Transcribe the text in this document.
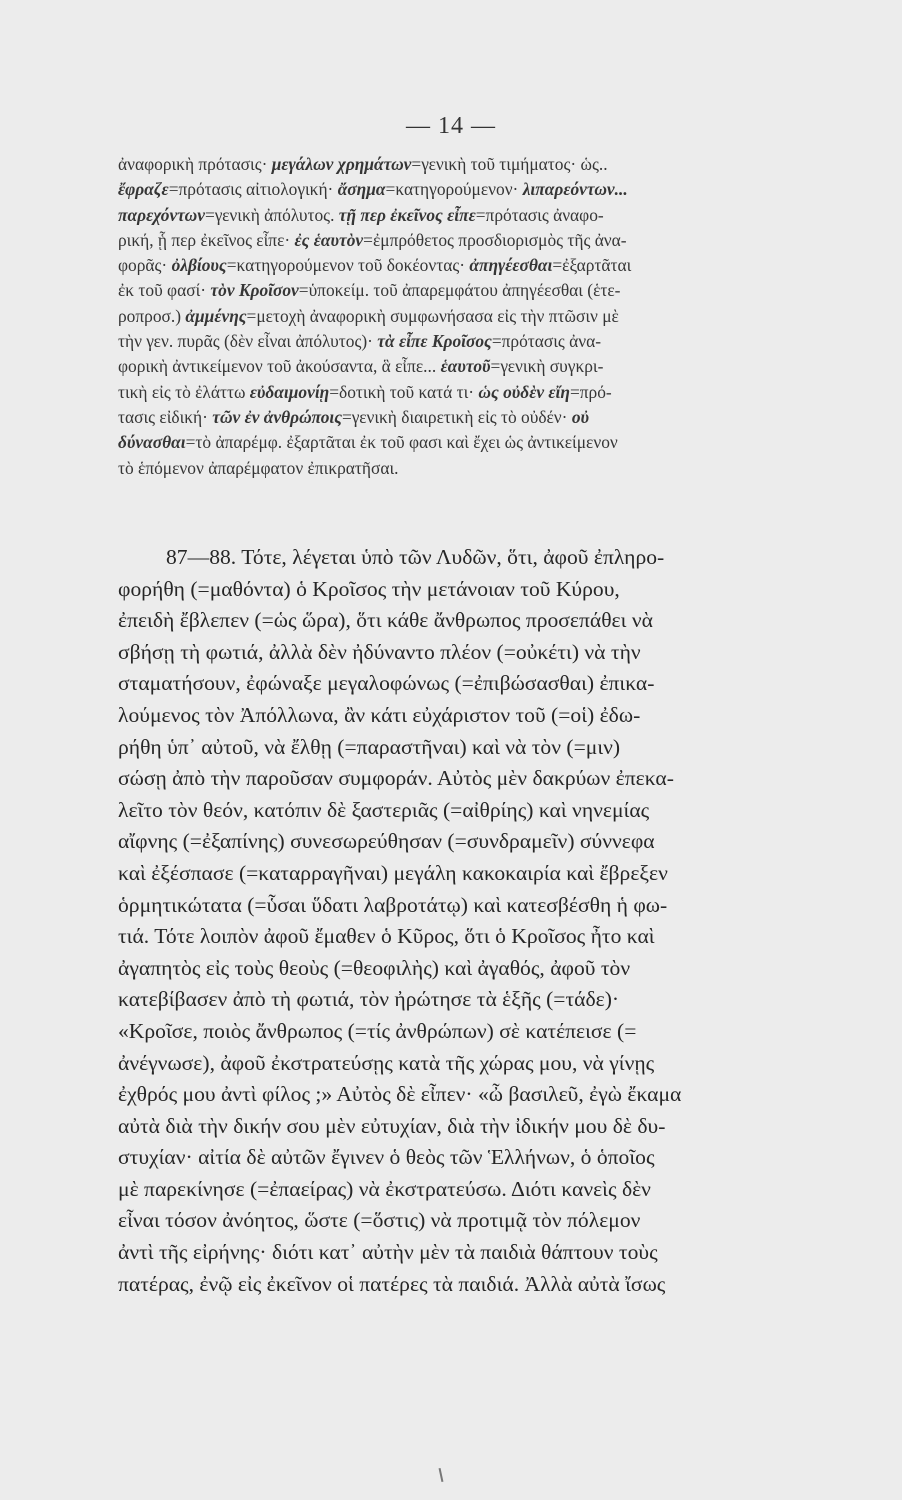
— 14 —
ἀναφορικὴ πρότασις· μεγάλων χρημάτων=γενικὴ τοῦ τιμήματος· ὡς..
ἔφραζε=πρότασις αἰτιολογική· ἄσημα=κατηγορούμενον· λιπαρεόντων...
παρεχόντων=γενικὴ ἀπόλυτος. τῇ περ ἐκεῖνος εἶπε=πρότασις ἀναφο-
ρική, ᾗ περ ἐκεῖνος εἶπε· ἐς ἑαυτὸν=ἐμπρόθετος προσδιορισμὸς τῆς ἀνα-
φορᾶς· ὀλβίους=κατηγορούμενον τοῦ δοκέοντας· ἀπηγέεσθαι=ἐξαρτᾶται
ἐκ τοῦ φασί· τὸν Κροῖσον=ὑποκείμ. τοῦ ἀπαρεμφάτου ἀπηγέεσθαι (ἑτε-
ροπροσ.) ἀμμένης=μετοχὴ ἀναφορικὴ συμφωνήσασα εἰς τὴν πτῶσιν μὲ
τὴν γεν. πυρᾶς (δὲν εἶναι ἀπόλυτος)· τὰ εἶπε Κροῖσος=πρότασις ἀνα-
φορικὴ ἀντικείμενον τοῦ ἀκούσαντα, ἃ εἶπε... ἑαυτοῦ=γενικὴ συγκρι-
τικὴ εἰς τὸ ἐλάττω εὐδαιμονίῃ=δοτικὴ τοῦ κατά τι· ὡς οὐδὲν εἴη=πρό-
τασις εἰδική· τῶν ἐν ἀνθρώποις=γενικὴ διαιρετικὴ εἰς τὸ οὐδέν· οὐ
δύνασθαι=τὸ ἀπαρέμφ. ἐξαρτᾶται ἐκ τοῦ φασι καὶ ἔχει ὡς ἀντικείμενον
τὸ ἑπόμενον ἀπαρέμφατον ἐπικρατῆσαι.
87—88. Τότε, λέγεται ὑπὸ τῶν Λυδῶν, ὅτι, ἀφοῦ ἐπληρο-
φορήθη (=μαθόντα) ὁ Κροῖσος τὴν μετάνοιαν τοῦ Κύρου,
ἐπειδὴ ἔβλεπεν (=ὡς ὥρα), ὅτι κάθε ἄνθρωπος προσεπάθει νὰ
σβήσῃ τὴ φωτιά, ἀλλὰ δὲν ἠδύναντο πλέον (=οὐκέτι) νὰ τὴν
σταματήσουν, ἐφώναξε μεγαλοφώνως (=ἐπιβώσασθαι) ἐπικα-
λούμενος τὸν Ἀπόλλωνα, ἂν κάτι εὐχάριστον τοῦ (=οἱ) ἐδω-
ρήθη ὑπ᾽ αὐτοῦ, νὰ ἔλθῃ (=παραστῆναι) καὶ νὰ τὸν (=μιν)
σώσῃ ἀπὸ τὴν παροῦσαν συμφοράν. Αὐτὸς μὲν δακρύων ἐπεκα-
λεῖτο τὸν θεόν, κατόπιν δὲ ξαστεριᾶς (=αἰθρίης) καὶ νηνεμίας
αἴφνης (=ἐξαπίνης) συνεσωρεύθησαν (=συνδραμεῖν) σύννεφα
καὶ ἐξέσπασε (=καταρραγῆναι) μεγάλη κακοκαιρία καὶ ἔβρεξεν
ὁρμητικώτατα (=ὗσαι ὕδατι λαβροτάτῳ) καὶ κατεσβέσθη ἡ φω-
τιά. Τότε λοιπὸν ἀφοῦ ἔμαθεν ὁ Κῦρος, ὅτι ὁ Κροῖσος ἦτο καὶ
ἀγαπητὸς εἰς τοὺς θεοὺς (=θεοφιλὴς) καὶ ἀγαθός, ἀφοῦ τὸν
κατεβίβασεν ἀπὸ τὴ φωτιά, τὸν ἠρώτησε τὰ ἑξῆς (=τάδε)·
«Κροῖσε, ποιὸς ἄνθρωπος (=τίς ἀνθρώπων) σὲ κατέπεισε (=
ἀνέγνωσε), ἀφοῦ ἐκστρατεύσῃς κατὰ τῆς χώρας μου, νὰ γίνῃς
ἐχθρός μου ἀντὶ φίλος ;» Αὐτὸς δὲ εἶπεν· «ὦ βασιλεῦ, ἐγὼ ἔκαμα
αὐτὰ διὰ τὴν δικήν σου μὲν εὐτυχίαν, διὰ τὴν ἰδικήν μου δὲ δυ-
στυχίαν· αἰτία δὲ αὐτῶν ἔγινεν ὁ θεὸς τῶν Ἑλλήνων, ὁ ὁποῖος
μὲ παρεκίνησε (=ἐπαείρας) νὰ ἐκστρατεύσω. Διότι κανεὶς δὲν
εἶναι τόσον ἀνόητος, ὥστε (=ὅστις) νὰ προτιμᾷ τὸν πόλεμον
ἀντὶ τῆς εἰρήνης· διότι κατ᾽ αὐτὴν μὲν τὰ παιδιὰ θάπτουν τοὺς
πατέρας, ἐνῷ εἰς ἐκεῖνον οἱ πατέρες τὰ παιδιά. Ἀλλὰ αὐτὰ ἴσως
